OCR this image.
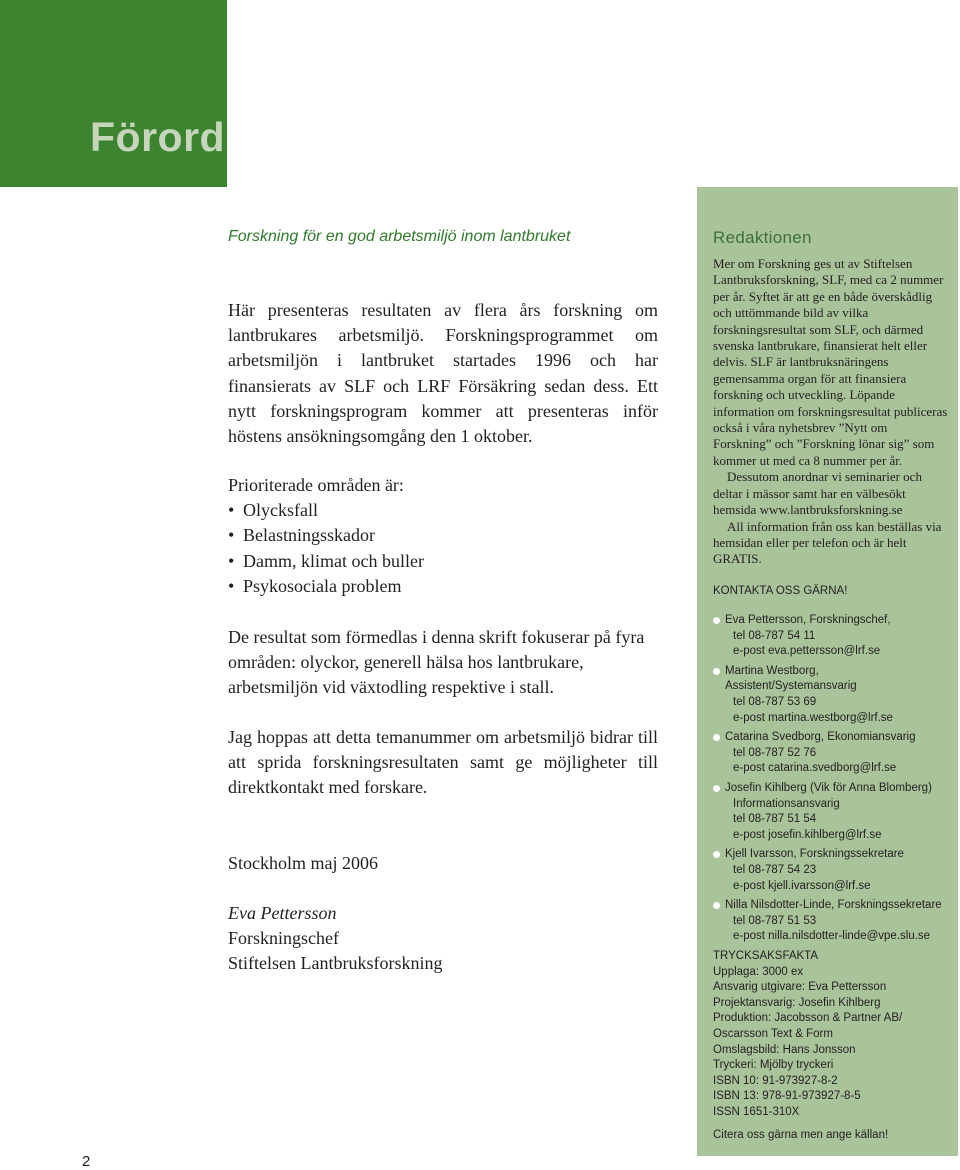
Förord

Forskning för en god arbetsmiljö inom lantbruket

Här presenteras resultaten av flera års forskning om lantbrukares arbetsmiljö. Forskningsprogrammet om arbetsmiljön i lantbruket startades 1996 och har finansierats av SLF och LRF Försäkring sedan dess. Ett nytt forskningsprogram kommer att presenteras inför höstens ansökningsomgång den 1 oktober.

Prioriterade områden är:

• Olycksfall
• Belastningsskador
• Damm, klimat och buller
• Psykosociala problem

De resultat som förmedlas i denna skrift fokuserar på fyra områden: olyckor, generell hälsa hos lantbrukare, arbetsmiljön vid växtodling respektive i stall.

Jag hoppas att detta temanummer om arbetsmiljö bidrar till att sprida forskningsresultaten samt ge möjligheter till direktkontakt med forskare.

Stockholm maj 2006

Eva Pettersson

Forskningschef

Stiftelsen Lantbruksforskning

2

Redaktionen

Mer om Forskning ges ut av Stiftelsen Lantbruksforskning, SLF, med ca 2 nummer per år. Syftet är att ge en både överskådlig och uttömmande bild av vilka forskningsresultat som SLF, och därmed svenska lantbrukare, finansierat helt eller delvis. SLF är lantbruksnäringens gemensamma organ för att finansiera forskning och utveckling. Löpande information om forskningsresultat publiceras också i våra nyhetsbrev ”Nytt om Forskning” och ”Forskning lönar sig” som kommer ut med ca 8 nummer per år.

Dessutom anordnar vi seminarier och deltar i mässor samt har en välbesökt hemsida www.lantbruksforskning.se

All information från oss kan beställas via hemsidan eller per telefon och är helt GRATIS.

KONTAKTA OSS GÄRNA!

Eva Pettersson, Forskningschef,
tel 08-787 54 11
e-post eva.pettersson@lrf.se
Martina Westborg, Assistent/Systemansvarig
tel 08-787 53 69
e-post martina.westborg@lrf.se
Catarina Svedborg, Ekonomiansvarig
tel 08-787 52 76
e-post catarina.svedborg@lrf.se
Josefin Kihlberg (Vik för Anna Blomberg)
Informationsansvarig
tel 08-787 51 54
e-post josefin.kihlberg@lrf.se
Kjell Ivarsson, Forskningssekretare
tel 08-787 54 23
e-post kjell.ivarsson@lrf.se
Nilla Nilsdotter-Linde, Forskningssekretare
tel 08-787 51 53
e-post nilla.nilsdotter-linde@vpe.slu.se
TRYCKSAKSFAKTA
Upplaga: 3000 ex
Ansvarig utgivare: Eva Pettersson
Projektansvarig: Josefin Kihlberg
Produktion: Jacobsson & Partner AB/
Oscarsson Text & Form
Omslagsbild: Hans Jonsson
Tryckeri: Mjölby tryckeri
ISBN 10: 91-973927-8-2
ISBN 13: 978-91-973927-8-5
ISSN 1651-310X

Citera oss gärna men ange källan!
